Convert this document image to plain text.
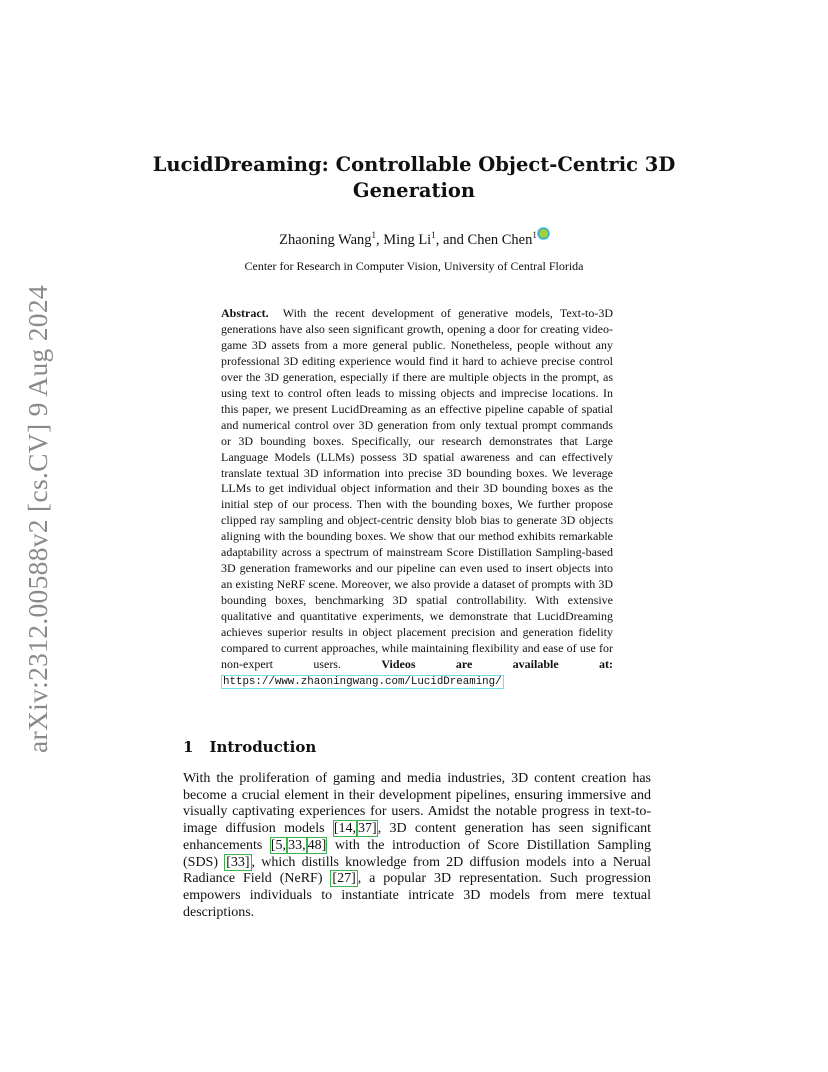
arXiv:2312.00588v2 [cs.CV] 9 Aug 2024
LucidDreaming: Controllable Object-Centric 3D Generation
Zhaoning Wang$^1$, Ming Li$^1$, and Chen Chen$^1$
Center for Research in Computer Vision, University of Central Florida

Abstract. With the recent development of generative models, Text-to-3D generations have also seen significant growth, opening a door for creating video-game 3D assets from a more general public. Nonetheless, people without any professional 3D editing experience would find it hard to achieve precise control over the 3D generation, especially if there are multiple objects in the prompt, as using text to control often leads to missing objects and imprecise locations. In this paper, we present LucidDreaming as an effective pipeline capable of spatial and numerical control over 3D generation from only textual prompt commands or 3D bounding boxes. Specifically, our research demonstrates that Large Language Models (LLMs) possess 3D spatial awareness and can effectively translate textual 3D information into precise 3D bounding boxes. We leverage LLMs to get individual object information and their 3D bounding boxes as the initial step of our process. Then with the bounding boxes, We further propose clipped ray sampling and object-centric density blob bias to generate 3D objects aligning with the bounding boxes. We show that our method exhibits remarkable adaptability across a spectrum of mainstream Score Distillation Sampling-based 3D generation frameworks and our pipeline can even used to insert objects into an existing NeRF scene. Moreover, we also provide a dataset of prompts with 3D bounding boxes, benchmarking 3D spatial controllability. With extensive qualitative and quantitative experiments, we demonstrate that LucidDreaming achieves superior results in object placement precision and generation fidelity compared to current approaches, while maintaining flexibility and ease of use for non-expert users.	Videos are available at: https://www.zhaoningwang.com/LucidDreaming/

1 Introduction

With the proliferation of gaming and media industries, 3D content creation has become a crucial element in their development pipelines, ensuring immersive and visually captivating experiences for users. Amidst the notable progress in text-to-image diffusion models [14, 37], 3D content generation has seen significant enhancements [5, 33, 48] with the introduction of Score Distillation Sampling (SDS) [33] , which distills knowledge from 2D diffusion models into a Nerual Radiance Field (NeRF) [27] , a popular 3D representation. Such progression empowers individuals to instantiate intricate 3D models from mere textual descriptions.
